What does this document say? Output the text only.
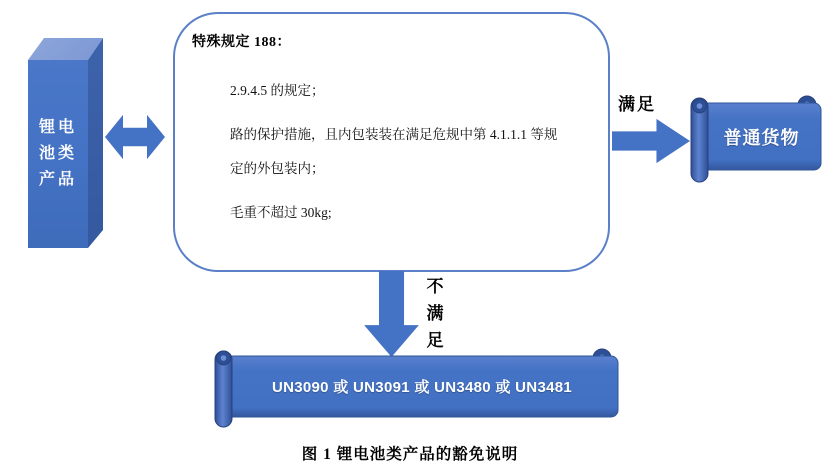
锂电
池类
产品
特殊规定 188：

2.9.4.5 的规定；

路的保护措施，且内包装装在满足危规中第 4.1.1.1 等规
定的外包装内；

毛重不超过 30kg;

满足
普通货物
不满足
UN3090 或 UN3091 或 UN3480 或 UN3481
图 1 锂电池类产品的豁免说明
